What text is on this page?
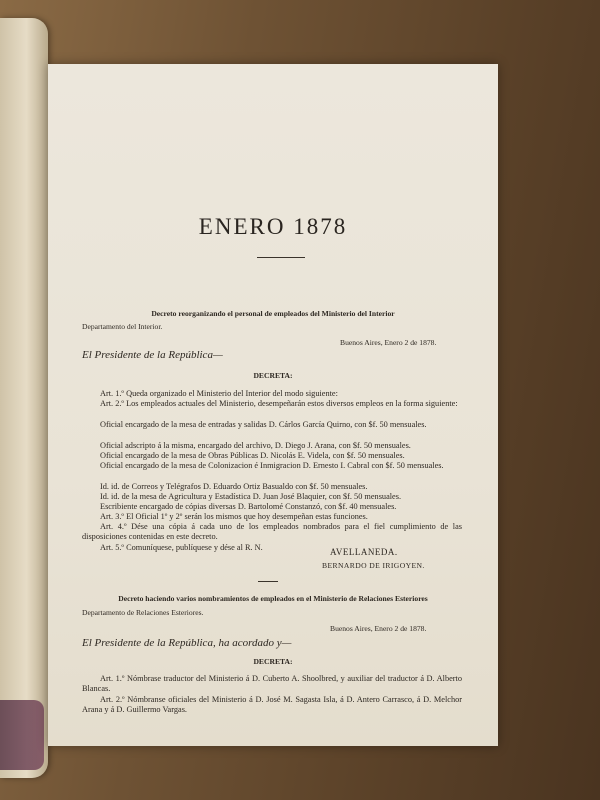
ENERO 1878
Decreto reorganizando el personal de empleados del Ministerio del Interior
Departamento del Interior.
Buenos Aires, Enero 2 de 1878.
El Presidente de la República—
DECRETA:
Art. 1.º Queda organizado el Ministerio del Interior del modo siguiente:
Art. 2.º Los empleados actuales del Ministerio, desempeñarán estos diversos empleos en la forma siguiente:
Oficial encargado de la mesa de entradas y salidas D. Cárlos García Quirno, con $f. 50 mensuales.
Oficial adscripto á la misma, encargado del archivo, D. Diego J. Arana, con $f. 50 mensuales.
Oficial encargado de la mesa de Obras Públicas D. Nicolás E. Videla, con $f. 50 mensuales.
Oficial encargado de la mesa de Colonizacion é Inmigracion D. Ernesto I. Cabral con $f. 50 mensuales.
Id. id. de Correos y Telégrafos D. Eduardo Ortiz Basualdo con $f. 50 mensuales.
Id. id. de la mesa de Agricultura y Estadística D. Juan José Blaquier, con $f. 50 mensuales.
Escribiente encargado de cópias diversas D. Bartolomé Constanzó, con $f. 40 mensuales.
Art. 3.º El Oficial 1º y 2º serán los mismos que hoy desempeñan estas funciones.
Art. 4.º Dése una cópia á cada uno de los empleados nombrados para el fiel cumplimiento de las disposiciones contenidas en este decreto.
Art. 5.º Comuníquese, publíquese y dése al R. N.	AVELLANEDA.
BERNARDO DE IRIGOYEN.
Decreto haciendo varios nombramientos de empleados en el Ministerio de Relaciones Esteriores
Departamento de Relaciones Esteriores.
Buenos Aires, Enero 2 de 1878.
El Presidente de la República, ha acordado y—
DECRETA:
Art. 1.º Nómbrase traductor del Ministerio á D. Cuberto A. Shoolbred, y auxiliar del traductor á D. Alberto Blancas.
Art. 2.º Nómbranse oficiales del Ministerio á D. José M. Sagasta Isla, á D. Antero Carrasco, á D. Melchor Arana y á D. Guillermo Vargas.
